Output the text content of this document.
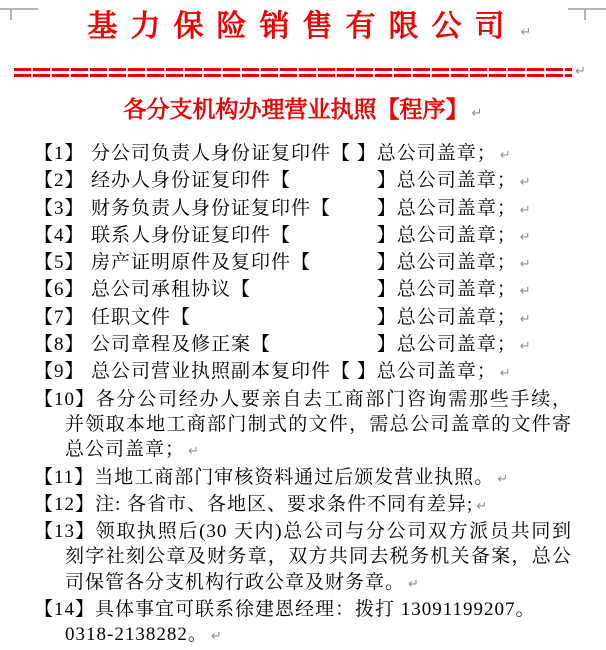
基力保险销售有限公司 ↵
↵
各分支机构办理营业执照【程序】 ↵

【1】 分公司负责人身份证复印件【 】总公司盖章； ↵

【2】 经办人身份证复印件【　　　　 】总公司盖章； ↵

【3】 财务负责人身份证复印件【　　 】总公司盖章； ↵

【4】 联系人身份证复印件【　　　　 】总公司盖章； ↵

【5】 房产证明原件及复印件【　　　 】总公司盖章； ↵

【6】 总公司承租协议【　　　　　　 】总公司盖章； ↵

【7】 任职文件【　　　　　　　　　 】总公司盖章； ↵

【8】 公司章程及修正案【　　　　　 】总公司盖章； ↵

【9】 总公司营业执照副本复印件【 】总公司盖章； ↵

【10】各分公司经办人要亲自去工商部门咨询需那些手续，并领取本地工商部门制式的文件，需总公司盖章的文件寄总公司盖章； ↵

【11】当地工商部门审核资料通过后颁发营业执照。 ↵

【12】注: 各省市、各地区、要求条件不同有差异; ↵

【13】领取执照后(30 天内)总公司与分公司双方派员共同到刻字社刻公章及财务章，双方共同去税务机关备案，总公司保管各分支机构行政公章及财务章。 ↵

【14】具体事宜可联系徐建恩经理：拨打 13091199207。
0318-2138282。 ↵
